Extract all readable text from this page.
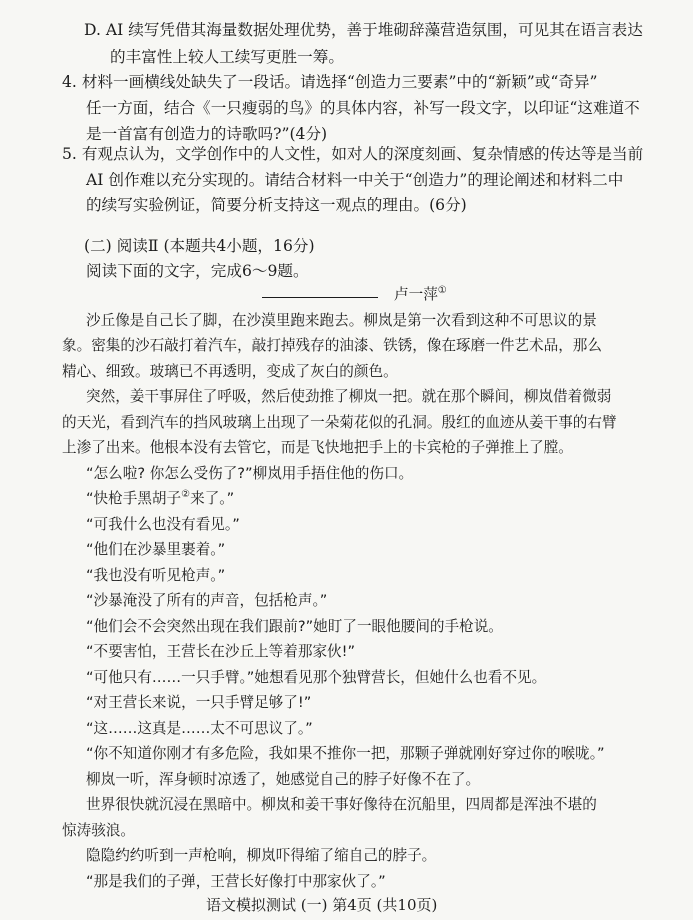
D. AI 续写凭借其海量数据处理优势，善于堆砌辞藻营造氛围，可见其在语言表达
的丰富性上较人工续写更胜一筹。
4. 材料一画横线处缺失了一段话。请选择“创造力三要素”中的“新颖”或“奇异”
任一方面，结合《一只瘦弱的鸟》的具体内容，补写一段文字，以印证“这难道不
是一首富有创造力的诗歌吗?”(4分)
5. 有观点认为，文学创作中的人文性，如对人的深度刻画、复杂情感的传达等是当前
AI 创作难以充分实现的。请结合材料一中关于“创造力”的理论阐述和材料二中
的续写实验例证，简要分析支持这一观点的理由。(6分)
(二) 阅读Ⅱ (本题共4小题，16分)
阅读下面的文字，完成6～9题。
卢一萍①
沙丘像是自己长了脚，在沙漠里跑来跑去。柳岚是第一次看到这种不可思议的景
象。密集的沙石敲打着汽车，敲打掉残存的油漆、铁锈，像在琢磨一件艺术品，那么
精心、细致。玻璃已不再透明，变成了灰白的颜色。
突然，姜干事屏住了呼吸，然后使劲推了柳岚一把。就在那个瞬间，柳岚借着微弱
的天光，看到汽车的挡风玻璃上出现了一朵菊花似的孔洞。殷红的血迹从姜干事的右臂
上渗了出来。他根本没有去管它，而是飞快地把手上的卡宾枪的子弹推上了膛。
“怎么啦? 你怎么受伤了?”柳岚用手捂住他的伤口。
“快枪手黑胡子②来了。”
“可我什么也没有看见。”
“他们在沙暴里裹着。”
“我也没有听见枪声。”
“沙暴淹没了所有的声音，包括枪声。”
“他们会不会突然出现在我们跟前?”她盯了一眼他腰间的手枪说。
“不要害怕，王营长在沙丘上等着那家伙!”
“可他只有……一只手臂。”她想看见那个独臂营长，但她什么也看不见。
“对王营长来说，一只手臂足够了!”
“这……这真是……太不可思议了。”
“你不知道你刚才有多危险，我如果不推你一把，那颗子弹就刚好穿过你的喉咙。”
柳岚一听，浑身顿时凉透了，她感觉自己的脖子好像不在了。
世界很快就沉浸在黑暗中。柳岚和姜干事好像待在沉船里，四周都是浑浊不堪的
惊涛骇浪。
隐隐约约听到一声枪响，柳岚吓得缩了缩自己的脖子。
“那是我们的子弹，王营长好像打中那家伙了。”
语文模拟测试 (一) 第4页 (共10页)
